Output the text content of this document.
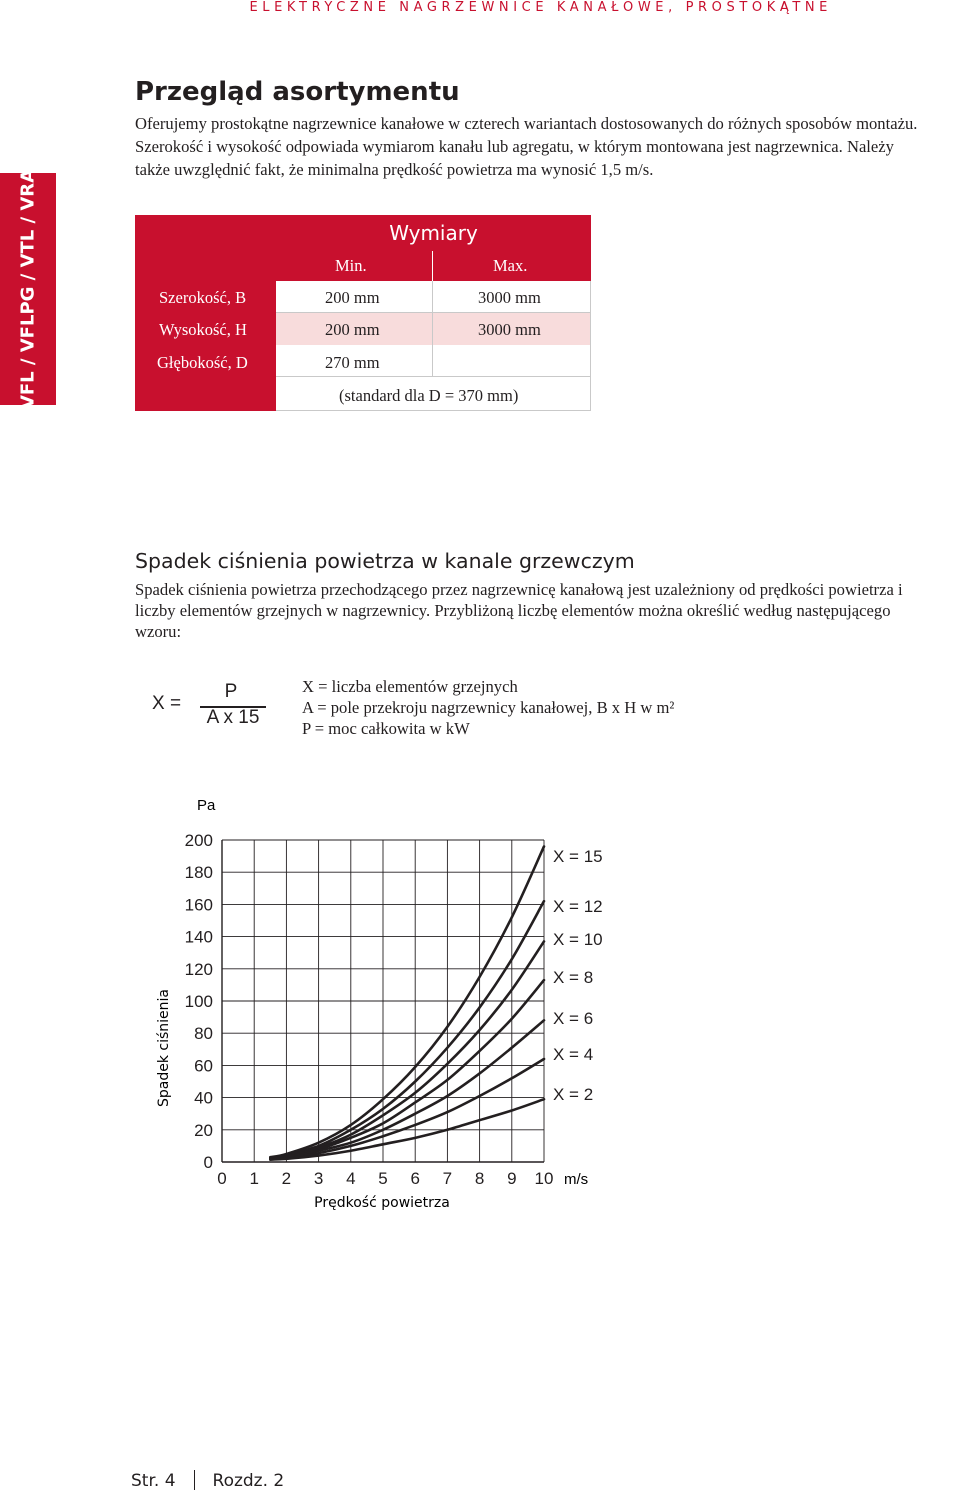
ELEKTRYCZNE NAGRZEWNICE KANAŁOWE, PROSTOKĄTNE
VFL / VFLPG / VTL / VRA
Przegląd asortymentu

Oferujemy prostokątne nagrzewnice kanałowe w czterech wariantach dostosowanych do różnych sposobów montażu. Szerokość i wysokość odpowiada wymiarom kanału lub agregatu, w którym montowana jest nagrzewnica. Należy także uwzględnić fakt, że minimalna prędkość powietrza ma wynosić 1,5 m/s.

Wymiary
Min.	Max.
Szerokość, B	200 mm	3000 mm
Wysokość, H	200 mm	3000 mm
Głębokość, D	270 mm
(standard dla D = 370 mm)
Spadek ciśnienia powietrza w kanale grzewczym

Spadek ciśnienia powietrza przechodzącego przez nagrzewnicę kanałową jest uzależniony od prędkości powietrza i liczby elementów grzejnych w nagrzewnicy. Przybliżoną liczbę elementów można określić według następującego wzoru:

X =
P
A x 15
X = liczba elementów grzejnych
A = pole przekroju nagrzewnicy kanałowej, B x H w m²
P = moc całkowita w kW
0 1 2 3 4 5 6 7 8 9 10
0
20
40
60
80
100
120
140
160
180
200
X = 15
X = 12
X = 10
X = 8
X = 6
X = 4
X = 2
Pa
m/s
Spadek ciśnienia
Prędkość powietrza
Str. 4 Rozdz. 2
